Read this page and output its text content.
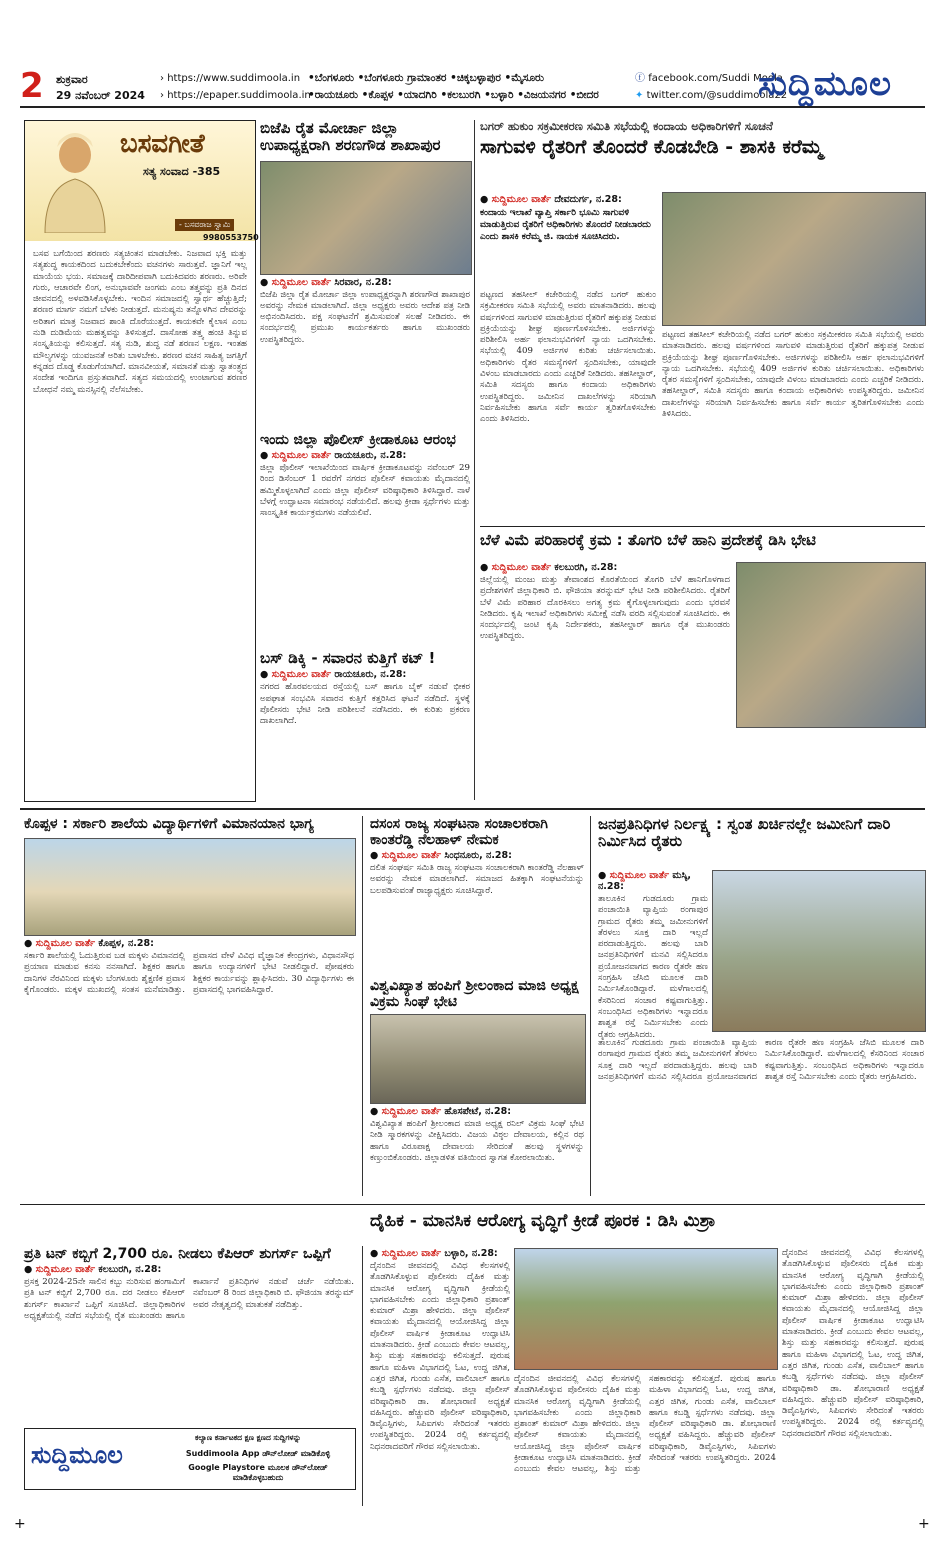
2 ಶುಕ್ರವಾರ
29 ನವೆಂಬರ್ 2024
› https://www.suddimoola.in
› https://epaper.suddimoola.in
•ಬೆಂಗಳೂರು •ಬೆಂಗಳೂರು ಗ್ರಾಮಾಂತರ •ಚಿಕ್ಕಬಳ್ಳಾಪುರ •ಮೈಸೂರು
•ರಾಯಚೂರು •ಕೊಪ್ಪಳ •ಯಾದಗಿರಿ •ಕಲಬುರಗಿ •ಬಳ್ಳಾರಿ •ವಿಜಯನಗರ •ಬೀದರ
ⓕ facebook.com/Suddi Moola
✦ twitter.com/@suddimoola22
ಸುದ್ದಿಮೂಲ
ಬಸವಗೀತೆ
ಸತ್ಯ ಸಂವಾದ -385
- ಬಸವರಾಜ ಸ್ವಾಮಿ
9980553750
ಬಸವ ಬಗೆಯಿಂದ ಶರಣರು ಸತ್ಯಚಿಂತನ ಮಾಡಬೇಕು. ನಿಜವಾದ ಭಕ್ತಿ ಮತ್ತು ಸತ್ಯಶುದ್ಧ ಕಾಯಕದಿಂದ ಬದುಕಬೇಕೆಂದು ವಚನಗಳು ಸಾರುತ್ತವೆ. ಜ್ಞಾನಿಗೆ ಇಲ್ಲ ಮಾಯೆಯ ಭಯ. ಸಮಾಜಕ್ಕೆ ದಾರಿದೀಪವಾಗಿ ಬದುಕಿದವರು ಶರಣರು. ಅರಿವೇ ಗುರು, ಆಚಾರವೇ ಲಿಂಗ, ಅನುಭಾವವೇ ಜಂಗಮ ಎಂಬ ತತ್ತ್ವವನ್ನು ಪ್ರತಿ ದಿನದ ಜೀವನದಲ್ಲಿ ಅಳವಡಿಸಿಕೊಳ್ಳಬೇಕು. ಇಂದಿನ ಸಮಾಜದಲ್ಲಿ ಸ್ವಾರ್ಥ ಹೆಚ್ಚುತ್ತಿದೆ; ಶರಣರ ಮಾರ್ಗ ನಮಗೆ ಬೆಳಕು ನೀಡುತ್ತದೆ. ಮನುಷ್ಯನು ತನ್ನೊಳಗಿನ ದೇವರನ್ನು ಅರಿತಾಗ ಮಾತ್ರ ನಿಜವಾದ ಶಾಂತಿ ದೊರೆಯುತ್ತದೆ. ಕಾಯಕವೇ ಕೈಲಾಸ ಎಂಬ ನುಡಿ ದುಡಿಮೆಯ ಮಹತ್ವವನ್ನು ತಿಳಿಸುತ್ತದೆ. ದಾಸೋಹ ತತ್ತ್ವ ಹಂಚಿ ತಿನ್ನುವ ಸಂಸ್ಕೃತಿಯನ್ನು ಕಲಿಸುತ್ತದೆ. ಸತ್ಯ ನುಡಿ, ಶುದ್ಧ ನಡೆ ಶರಣನ ಲಕ್ಷಣ. ಇಂತಹ ಮೌಲ್ಯಗಳನ್ನು ಯುವಜನತೆ ಅರಿತು ಬಾಳಬೇಕು. ಶರಣರ ವಚನ ಸಾಹಿತ್ಯ ಜಗತ್ತಿಗೆ ಕನ್ನಡದ ದೊಡ್ಡ ಕೊಡುಗೆಯಾಗಿದೆ. ಮಾನವೀಯತೆ, ಸಮಾನತೆ ಮತ್ತು ಸ್ವಾತಂತ್ರ್ಯದ ಸಂದೇಶ ಇಂದಿಗೂ ಪ್ರಸ್ತುತವಾಗಿದೆ. ಸತ್ಯದ ಸಮಯದಲ್ಲಿ ಉಂಟಾಗುವ ಶರಣರ ಬೋಧನೆ ನಮ್ಮ ಮನಸ್ಸಿನಲ್ಲಿ ನೆಲೆಸಬೇಕು.
ಬಿಜೆಪಿ ರೈತ ಮೋರ್ಚಾ ಜಿಲ್ಲಾ ಉಪಾಧ್ಯಕ್ಷರಾಗಿ ಶರಣಗೌಡ ಶಾಖಾಪುರ
● ಸುದ್ದಿಮೂಲ ವಾರ್ತೆ ಸಿರವಾರ, ನ.28:
ಬಿಜೆಪಿ ಜಿಲ್ಲಾ ರೈತ ಮೋರ್ಚಾ ಜಿಲ್ಲಾ ಉಪಾಧ್ಯಕ್ಷರನ್ನಾಗಿ ಶರಣಗೌಡ ಶಾಖಾಪುರ ಅವರನ್ನು ನೇಮಕ ಮಾಡಲಾಗಿದೆ. ಜಿಲ್ಲಾ ಅಧ್ಯಕ್ಷರು ಅವರು ಆದೇಶ ಪತ್ರ ನೀಡಿ ಅಭಿನಂದಿಸಿದರು. ಪಕ್ಷ ಸಂಘಟನೆಗೆ ಶ್ರಮಿಸುವಂತೆ ಸಲಹೆ ನೀಡಿದರು. ಈ ಸಂದರ್ಭದಲ್ಲಿ ಪ್ರಮುಖ ಕಾರ್ಯಕರ್ತರು ಹಾಗೂ ಮುಖಂಡರು ಉಪಸ್ಥಿತರಿದ್ದರು.
ಇಂದು ಜಿಲ್ಲಾ ಪೊಲೀಸ್ ಕ್ರೀಡಾಕೂಟ ಆರಂಭ
● ಸುದ್ದಿಮೂಲ ವಾರ್ತೆ ರಾಯಚೂರು, ನ.28:
ಜಿಲ್ಲಾ ಪೊಲೀಸ್ ಇಲಾಖೆಯಿಂದ ವಾರ್ಷಿಕ ಕ್ರೀಡಾಕೂಟವನ್ನು ನವೆಂಬರ್ 29 ರಿಂದ ಡಿಸೆಂಬರ್ 1 ರವರೆಗೆ ನಗರದ ಪೊಲೀಸ್ ಕವಾಯತು ಮೈದಾನದಲ್ಲಿ ಹಮ್ಮಿಕೊಳ್ಳಲಾಗಿದೆ ಎಂದು ಜಿಲ್ಲಾ ಪೊಲೀಸ್ ವರಿಷ್ಠಾಧಿಕಾರಿ ತಿಳಿಸಿದ್ದಾರೆ. ನಾಳೆ ಬೆಳಗ್ಗೆ ಉದ್ಘಾಟನಾ ಸಮಾರಂಭ ನಡೆಯಲಿದೆ. ಹಲವು ಕ್ರೀಡಾ ಸ್ಪರ್ಧೆಗಳು ಮತ್ತು ಸಾಂಸ್ಕೃತಿಕ ಕಾರ್ಯಕ್ರಮಗಳು ನಡೆಯಲಿವೆ.
ಬಸ್ ಡಿಕ್ಕಿ - ಸವಾರನ ಕುತ್ತಿಗೆ ಕಟ್ !
● ಸುದ್ದಿಮೂಲ ವಾರ್ತೆ ರಾಯಚೂರು, ನ.28:
ನಗರದ ಹೊರವಲಯದ ರಸ್ತೆಯಲ್ಲಿ ಬಸ್ ಹಾಗೂ ಬೈಕ್ ನಡುವೆ ಭೀಕರ ಅಪಘಾತ ಸಂಭವಿಸಿ ಸವಾರನ ಕುತ್ತಿಗೆ ಕತ್ತರಿಸಿದ ಘಟನೆ ನಡೆದಿದೆ. ಸ್ಥಳಕ್ಕೆ ಪೊಲೀಸರು ಭೇಟಿ ನೀಡಿ ಪರಿಶೀಲನೆ ನಡೆಸಿದರು. ಈ ಕುರಿತು ಪ್ರಕರಣ ದಾಖಲಾಗಿದೆ.
ಬಗರ್ ಹುಕುಂ ಸಕ್ರಮೀಕರಣ ಸಮಿತಿ ಸಭೆಯಲ್ಲಿ ಕಂದಾಯ ಅಧಿಕಾರಿಗಳಿಗೆ ಸೂಚನೆ
ಸಾಗುವಳಿ ರೈತರಿಗೆ ತೊಂದರೆ ಕೊಡಬೇಡಿ - ಶಾಸಕಿ ಕರೆಮ್ಮ
● ಸುದ್ದಿಮೂಲ ವಾರ್ತೆ ದೇವದುರ್ಗ, ನ.28:
ಕಂದಾಯ ಇಲಾಖೆ ವ್ಯಾಪ್ತಿ ಸರ್ಕಾರಿ ಭೂಮಿ ಸಾಗುವಳಿ ಮಾಡುತ್ತಿರುವ ರೈತರಿಗೆ ಅಧಿಕಾರಿಗಳು ತೊಂದರೆ ನೀಡಬಾರದು ಎಂದು ಶಾಸಕಿ ಕರೆಮ್ಮ ಜಿ. ನಾಯಕ ಸೂಚಿಸಿದರು.
ಪಟ್ಟಣದ ತಹಸೀಲ್ ಕಚೇರಿಯಲ್ಲಿ ನಡೆದ ಬಗರ್ ಹುಕುಂ ಸಕ್ರಮೀಕರಣ ಸಮಿತಿ ಸಭೆಯಲ್ಲಿ ಅವರು ಮಾತನಾಡಿದರು. ಹಲವು ವರ್ಷಗಳಿಂದ ಸಾಗುವಳಿ ಮಾಡುತ್ತಿರುವ ರೈತರಿಗೆ ಹಕ್ಕುಪತ್ರ ನೀಡುವ ಪ್ರಕ್ರಿಯೆಯನ್ನು ಶೀಘ್ರ ಪೂರ್ಣಗೊಳಿಸಬೇಕು. ಅರ್ಜಿಗಳನ್ನು ಪರಿಶೀಲಿಸಿ ಅರ್ಹ ಫಲಾನುಭವಿಗಳಿಗೆ ನ್ಯಾಯ ಒದಗಿಸಬೇಕು. ಸಭೆಯಲ್ಲಿ 409 ಅರ್ಜಿಗಳ ಕುರಿತು ಚರ್ಚಿಸಲಾಯಿತು. ಅಧಿಕಾರಿಗಳು ರೈತರ ಸಮಸ್ಯೆಗಳಿಗೆ ಸ್ಪಂದಿಸಬೇಕು, ಯಾವುದೇ ವಿಳಂಬ ಮಾಡಬಾರದು ಎಂದು ಎಚ್ಚರಿಕೆ ನೀಡಿದರು. ತಹಸೀಲ್ದಾರ್, ಸಮಿತಿ ಸದಸ್ಯರು ಹಾಗೂ ಕಂದಾಯ ಅಧಿಕಾರಿಗಳು ಉಪಸ್ಥಿತರಿದ್ದರು. ಜಮೀನಿನ ದಾಖಲೆಗಳನ್ನು ಸರಿಯಾಗಿ ನಿರ್ವಹಿಸಬೇಕು ಹಾಗೂ ಸರ್ವೆ ಕಾರ್ಯ ತ್ವರಿತಗೊಳಿಸಬೇಕು ಎಂದು ತಿಳಿಸಿದರು.
ಪಟ್ಟಣದ ತಹಸೀಲ್ ಕಚೇರಿಯಲ್ಲಿ ನಡೆದ ಬಗರ್ ಹುಕುಂ ಸಕ್ರಮೀಕರಣ ಸಮಿತಿ ಸಭೆಯಲ್ಲಿ ಅವರು ಮಾತನಾಡಿದರು. ಹಲವು ವರ್ಷಗಳಿಂದ ಸಾಗುವಳಿ ಮಾಡುತ್ತಿರುವ ರೈತರಿಗೆ ಹಕ್ಕುಪತ್ರ ನೀಡುವ ಪ್ರಕ್ರಿಯೆಯನ್ನು ಶೀಘ್ರ ಪೂರ್ಣಗೊಳಿಸಬೇಕು. ಅರ್ಜಿಗಳನ್ನು ಪರಿಶೀಲಿಸಿ ಅರ್ಹ ಫಲಾನುಭವಿಗಳಿಗೆ ನ್ಯಾಯ ಒದಗಿಸಬೇಕು. ಸಭೆಯಲ್ಲಿ 409 ಅರ್ಜಿಗಳ ಕುರಿತು ಚರ್ಚಿಸಲಾಯಿತು. ಅಧಿಕಾರಿಗಳು ರೈತರ ಸಮಸ್ಯೆಗಳಿಗೆ ಸ್ಪಂದಿಸಬೇಕು, ಯಾವುದೇ ವಿಳಂಬ ಮಾಡಬಾರದು ಎಂದು ಎಚ್ಚರಿಕೆ ನೀಡಿದರು. ತಹಸೀಲ್ದಾರ್, ಸಮಿತಿ ಸದಸ್ಯರು ಹಾಗೂ ಕಂದಾಯ ಅಧಿಕಾರಿಗಳು ಉಪಸ್ಥಿತರಿದ್ದರು. ಜಮೀನಿನ ದಾಖಲೆಗಳನ್ನು ಸರಿಯಾಗಿ ನಿರ್ವಹಿಸಬೇಕು ಹಾಗೂ ಸರ್ವೆ ಕಾರ್ಯ ತ್ವರಿತಗೊಳಿಸಬೇಕು ಎಂದು ತಿಳಿಸಿದರು.
ಬೆಳೆ ವಿಮೆ ಪರಿಹಾರಕ್ಕೆ ಕ್ರಮ : ತೊಗರಿ ಬೆಳೆ ಹಾನಿ ಪ್ರದೇಶಕ್ಕೆ ಡಿಸಿ ಭೇಟಿ
● ಸುದ್ದಿಮೂಲ ವಾರ್ತೆ ಕಲಬುರಗಿ, ನ.28:
ಜಿಲ್ಲೆಯಲ್ಲಿ ಮಂಜು ಮತ್ತು ತೇವಾಂಶದ ಕೊರತೆಯಿಂದ ತೊಗರಿ ಬೆಳೆ ಹಾನಿಗೊಳಗಾದ ಪ್ರದೇಶಗಳಿಗೆ ಜಿಲ್ಲಾಧಿಕಾರಿ ಬಿ. ಫೌಜಿಯಾ ತರನ್ನುಮ್ ಭೇಟಿ ನೀಡಿ ಪರಿಶೀಲಿಸಿದರು. ರೈತರಿಗೆ ಬೆಳೆ ವಿಮೆ ಪರಿಹಾರ ದೊರಕಿಸಲು ಅಗತ್ಯ ಕ್ರಮ ಕೈಗೊಳ್ಳಲಾಗುವುದು ಎಂದು ಭರವಸೆ ನೀಡಿದರು. ಕೃಷಿ ಇಲಾಖೆ ಅಧಿಕಾರಿಗಳು ಸಮೀಕ್ಷೆ ನಡೆಸಿ ವರದಿ ಸಲ್ಲಿಸುವಂತೆ ಸೂಚಿಸಿದರು. ಈ ಸಂದರ್ಭದಲ್ಲಿ ಜಂಟಿ ಕೃಷಿ ನಿರ್ದೇಶಕರು, ತಹಸೀಲ್ದಾರ್ ಹಾಗೂ ರೈತ ಮುಖಂಡರು ಉಪಸ್ಥಿತರಿದ್ದರು.
ಕೊಪ್ಪಳ : ಸರ್ಕಾರಿ ಶಾಲೆಯ ವಿದ್ಯಾರ್ಥಿಗಳಿಗೆ ವಿಮಾನಯಾನ ಭಾಗ್ಯ
● ಸುದ್ದಿಮೂಲ ವಾರ್ತೆ ಕೊಪ್ಪಳ, ನ.28:
ಸರ್ಕಾರಿ ಶಾಲೆಯಲ್ಲಿ ಓದುತ್ತಿರುವ ಬಡ ಮಕ್ಕಳು ವಿಮಾನದಲ್ಲಿ ಪ್ರಯಾಣ ಮಾಡುವ ಕನಸು ನನಸಾಗಿದೆ. ಶಿಕ್ಷಕರ ಹಾಗೂ ದಾನಿಗಳ ನೆರವಿನಿಂದ ಮಕ್ಕಳು ಬೆಂಗಳೂರು ಶೈಕ್ಷಣಿಕ ಪ್ರವಾಸ ಕೈಗೊಂಡರು. ಮಕ್ಕಳ ಮುಖದಲ್ಲಿ ಸಂತಸ ಮನೆಮಾಡಿತ್ತು. ಪ್ರವಾಸದ ವೇಳೆ ವಿವಿಧ ವೈಜ್ಞಾನಿಕ ಕೇಂದ್ರಗಳು, ವಿಧಾನಸೌಧ ಹಾಗೂ ಉದ್ಯಾನಗಳಿಗೆ ಭೇಟಿ ನೀಡಲಿದ್ದಾರೆ. ಪೋಷಕರು ಶಿಕ್ಷಕರ ಕಾರ್ಯವನ್ನು ಶ್ಲಾಘಿಸಿದರು. 30 ವಿದ್ಯಾರ್ಥಿಗಳು ಈ ಪ್ರವಾಸದಲ್ಲಿ ಭಾಗವಹಿಸಿದ್ದಾರೆ.
ದಸಂಸ ರಾಜ್ಯ ಸಂಘಟನಾ ಸಂಚಾಲಕರಾಗಿ ಕಾಂತರೆಡ್ಡಿ ನೆಲಹಾಳ್ ನೇಮಕ
● ಸುದ್ದಿಮೂಲ ವಾರ್ತೆ ಸಿಂಧನೂರು, ನ.28:
ದಲಿತ ಸಂಘರ್ಷ ಸಮಿತಿ ರಾಜ್ಯ ಸಂಘಟನಾ ಸಂಚಾಲಕರಾಗಿ ಕಾಂತರೆಡ್ಡಿ ನೆಲಹಾಳ್ ಅವರನ್ನು ನೇಮಕ ಮಾಡಲಾಗಿದೆ. ಸಮಾಜದ ಹಿತಕ್ಕಾಗಿ ಸಂಘಟನೆಯನ್ನು ಬಲಪಡಿಸುವಂತೆ ರಾಜ್ಯಾಧ್ಯಕ್ಷರು ಸೂಚಿಸಿದ್ದಾರೆ.
ವಿಶ್ವವಿಖ್ಯಾತ ಹಂಪಿಗೆ ಶ್ರೀಲಂಕಾದ ಮಾಜಿ ಅಧ್ಯಕ್ಷ ವಿಕ್ರಮ ಸಿಂಘೆ ಭೇಟಿ
● ಸುದ್ದಿಮೂಲ ವಾರ್ತೆ ಹೊಸಪೇಟೆ, ನ.28:
ವಿಶ್ವವಿಖ್ಯಾತ ಹಂಪಿಗೆ ಶ್ರೀಲಂಕಾದ ಮಾಜಿ ಅಧ್ಯಕ್ಷ ರನಿಲ್ ವಿಕ್ರಮ ಸಿಂಘೆ ಭೇಟಿ ನೀಡಿ ಸ್ಮಾರಕಗಳನ್ನು ವೀಕ್ಷಿಸಿದರು. ವಿಜಯ ವಿಠ್ಠಲ ದೇವಾಲಯ, ಕಲ್ಲಿನ ರಥ ಹಾಗೂ ವಿರೂಪಾಕ್ಷ ದೇವಾಲಯ ಸೇರಿದಂತೆ ಹಲವು ಸ್ಥಳಗಳನ್ನು ಕಣ್ತುಂಬಿಕೊಂಡರು. ಜಿಲ್ಲಾಡಳಿತ ವತಿಯಿಂದ ಸ್ವಾಗತ ಕೋರಲಾಯಿತು.
ಜನಪ್ರತಿನಿಧಿಗಳ ನಿರ್ಲಕ್ಷ್ಯ : ಸ್ವಂತ ಖರ್ಚಿನಲ್ಲೇ ಜಮೀನಿಗೆ ದಾರಿ ನಿರ್ಮಿಸಿದ ರೈತರು
● ಸುದ್ದಿಮೂಲ ವಾರ್ತೆ ಮಸ್ಕಿ, ನ.28:
ತಾಲೂಕಿನ ಗುಡದೂರು ಗ್ರಾಮ ಪಂಚಾಯಿತಿ ವ್ಯಾಪ್ತಿಯ ರಂಗಾಪುರ ಗ್ರಾಮದ ರೈತರು ತಮ್ಮ ಜಮೀನುಗಳಿಗೆ ತೆರಳಲು ಸೂಕ್ತ ದಾರಿ ಇಲ್ಲದೆ ಪರದಾಡುತ್ತಿದ್ದರು. ಹಲವು ಬಾರಿ ಜನಪ್ರತಿನಿಧಿಗಳಿಗೆ ಮನವಿ ಸಲ್ಲಿಸಿದರೂ ಪ್ರಯೋಜನವಾಗದ ಕಾರಣ ರೈತರೇ ಹಣ ಸಂಗ್ರಹಿಸಿ ಜೆಸಿಬಿ ಮೂಲಕ ದಾರಿ ನಿರ್ಮಿಸಿಕೊಂಡಿದ್ದಾರೆ. ಮಳೆಗಾಲದಲ್ಲಿ ಕೆಸರಿನಿಂದ ಸಂಚಾರ ಕಷ್ಟವಾಗುತ್ತಿತ್ತು. ಸಂಬಂಧಿಸಿದ ಅಧಿಕಾರಿಗಳು ಇನ್ನಾದರೂ ಶಾಶ್ವತ ರಸ್ತೆ ನಿರ್ಮಿಸಬೇಕು ಎಂದು ರೈತರು ಆಗ್ರಹಿಸಿದರು.
ತಾಲೂಕಿನ ಗುಡದೂರು ಗ್ರಾಮ ಪಂಚಾಯಿತಿ ವ್ಯಾಪ್ತಿಯ ರಂಗಾಪುರ ಗ್ರಾಮದ ರೈತರು ತಮ್ಮ ಜಮೀನುಗಳಿಗೆ ತೆರಳಲು ಸೂಕ್ತ ದಾರಿ ಇಲ್ಲದೆ ಪರದಾಡುತ್ತಿದ್ದರು. ಹಲವು ಬಾರಿ ಜನಪ್ರತಿನಿಧಿಗಳಿಗೆ ಮನವಿ ಸಲ್ಲಿಸಿದರೂ ಪ್ರಯೋಜನವಾಗದ ಕಾರಣ ರೈತರೇ ಹಣ ಸಂಗ್ರಹಿಸಿ ಜೆಸಿಬಿ ಮೂಲಕ ದಾರಿ ನಿರ್ಮಿಸಿಕೊಂಡಿದ್ದಾರೆ. ಮಳೆಗಾಲದಲ್ಲಿ ಕೆಸರಿನಿಂದ ಸಂಚಾರ ಕಷ್ಟವಾಗುತ್ತಿತ್ತು. ಸಂಬಂಧಿಸಿದ ಅಧಿಕಾರಿಗಳು ಇನ್ನಾದರೂ ಶಾಶ್ವತ ರಸ್ತೆ ನಿರ್ಮಿಸಬೇಕು ಎಂದು ರೈತರು ಆಗ್ರಹಿಸಿದರು.
ಪ್ರತಿ ಟನ್ ಕಬ್ಬಿಗೆ 2,700 ರೂ. ನೀಡಲು ಕೆಪಿಆರ್ ಶುಗರ್ಸ್ ಒಪ್ಪಿಗೆ
● ಸುದ್ದಿಮೂಲ ವಾರ್ತೆ ಕಲಬುರಗಿ, ನ.28:
ಪ್ರಸಕ್ತ 2024-25ನೇ ಸಾಲಿನ ಕಬ್ಬು ನುರಿಸುವ ಹಂಗಾಮಿಗೆ ಪ್ರತಿ ಟನ್ ಕಬ್ಬಿಗೆ 2,700 ರೂ. ದರ ನೀಡಲು ಕೆಪಿಆರ್ ಶುಗರ್ಸ್ ಕಾರ್ಖಾನೆ ಒಪ್ಪಿಗೆ ಸೂಚಿಸಿದೆ. ಜಿಲ್ಲಾಧಿಕಾರಿಗಳ ಅಧ್ಯಕ್ಷತೆಯಲ್ಲಿ ನಡೆದ ಸಭೆಯಲ್ಲಿ ರೈತ ಮುಖಂಡರು ಹಾಗೂ ಕಾರ್ಖಾನೆ ಪ್ರತಿನಿಧಿಗಳ ನಡುವೆ ಚರ್ಚೆ ನಡೆಯಿತು. ನವೆಂಬರ್ 8 ರಿಂದ ಜಿಲ್ಲಾಧಿಕಾರಿ ಬಿ. ಫೌಜಿಯಾ ತರನ್ನುಮ್ ಅವರ ನೇತೃತ್ವದಲ್ಲಿ ಮಾತುಕತೆ ನಡೆದಿತ್ತು.
ಕಲ್ಯಾಣ ಕರ್ನಾಟಕದ ಕ್ಷಣ ಕ್ಷಣದ ಸುದ್ದಿಗಳನ್ನು
ಸುದ್ದಿಮೂಲ	Suddimoola App ಡೌನ್‌ಲೋಡ್ ಮಾಡಿಕೊಳ್ಳಿ
Google Playstore ಮೂಲಕ ಡೌನ್‌ಲೋಡ್ ಮಾಡಿಕೊಳ್ಳಬಹುದು
ದೈಹಿಕ - ಮಾನಸಿಕ ಆರೋಗ್ಯ ವೃದ್ಧಿಗೆ ಕ್ರೀಡೆ ಪೂರಕ : ಡಿಸಿ ಮಿಶ್ರಾ
● ಸುದ್ದಿಮೂಲ ವಾರ್ತೆ ಬಳ್ಳಾರಿ, ನ.28:
ದೈನಂದಿನ ಜೀವನದಲ್ಲಿ ವಿವಿಧ ಕೆಲಸಗಳಲ್ಲಿ ತೊಡಗಿಸಿಕೊಳ್ಳುವ ಪೊಲೀಸರು ದೈಹಿಕ ಮತ್ತು ಮಾನಸಿಕ ಆರೋಗ್ಯ ವೃದ್ಧಿಗಾಗಿ ಕ್ರೀಡೆಯಲ್ಲಿ ಭಾಗವಹಿಸಬೇಕು ಎಂದು ಜಿಲ್ಲಾಧಿಕಾರಿ ಪ್ರಶಾಂತ್ ಕುಮಾರ್ ಮಿಶ್ರಾ ಹೇಳಿದರು. ಜಿಲ್ಲಾ ಪೊಲೀಸ್ ಕವಾಯತು ಮೈದಾನದಲ್ಲಿ ಆಯೋಜಿಸಿದ್ದ ಜಿಲ್ಲಾ ಪೊಲೀಸ್ ವಾರ್ಷಿಕ ಕ್ರೀಡಾಕೂಟ ಉದ್ಘಾಟಿಸಿ ಮಾತನಾಡಿದರು. ಕ್ರೀಡೆ ಎಂಬುದು ಕೇವಲ ಆಟವಲ್ಲ, ಶಿಸ್ತು ಮತ್ತು ಸಹಕಾರವನ್ನು ಕಲಿಸುತ್ತದೆ. ಪುರುಷ ಹಾಗೂ ಮಹಿಳಾ ವಿಭಾಗದಲ್ಲಿ ಓಟ, ಉದ್ದ ಜಿಗಿತ, ಎತ್ತರ ಜಿಗಿತ, ಗುಂಡು ಎಸೆತ, ವಾಲಿಬಾಲ್ ಹಾಗೂ ಕಬಡ್ಡಿ ಸ್ಪರ್ಧೆಗಳು ನಡೆದವು. ಜಿಲ್ಲಾ ಪೊಲೀಸ್ ವರಿಷ್ಠಾಧಿಕಾರಿ ಡಾ. ಶೋಭಾರಾಣಿ ಅಧ್ಯಕ್ಷತೆ ವಹಿಸಿದ್ದರು. ಹೆಚ್ಚುವರಿ ಪೊಲೀಸ್ ವರಿಷ್ಠಾಧಿಕಾರಿ, ಡಿವೈಎಸ್ಪಿಗಳು, ಸಿಪಿಐಗಳು ಸೇರಿದಂತೆ ಇತರರು ಉಪಸ್ಥಿತರಿದ್ದರು. 2024 ರಲ್ಲಿ ಕರ್ತವ್ಯದಲ್ಲಿ ನಿಧನರಾದವರಿಗೆ ಗೌರವ ಸಲ್ಲಿಸಲಾಯಿತು.
ದೈನಂದಿನ ಜೀವನದಲ್ಲಿ ವಿವಿಧ ಕೆಲಸಗಳಲ್ಲಿ ತೊಡಗಿಸಿಕೊಳ್ಳುವ ಪೊಲೀಸರು ದೈಹಿಕ ಮತ್ತು ಮಾನಸಿಕ ಆರೋಗ್ಯ ವೃದ್ಧಿಗಾಗಿ ಕ್ರೀಡೆಯಲ್ಲಿ ಭಾಗವಹಿಸಬೇಕು ಎಂದು ಜಿಲ್ಲಾಧಿಕಾರಿ ಪ್ರಶಾಂತ್ ಕುಮಾರ್ ಮಿಶ್ರಾ ಹೇಳಿದರು. ಜಿಲ್ಲಾ ಪೊಲೀಸ್ ಕವಾಯತು ಮೈದಾನದಲ್ಲಿ ಆಯೋಜಿಸಿದ್ದ ಜಿಲ್ಲಾ ಪೊಲೀಸ್ ವಾರ್ಷಿಕ ಕ್ರೀಡಾಕೂಟ ಉದ್ಘಾಟಿಸಿ ಮಾತನಾಡಿದರು. ಕ್ರೀಡೆ ಎಂಬುದು ಕೇವಲ ಆಟವಲ್ಲ, ಶಿಸ್ತು ಮತ್ತು ಸಹಕಾರವನ್ನು ಕಲಿಸುತ್ತದೆ. ಪುರುಷ ಹಾಗೂ ಮಹಿಳಾ ವಿಭಾಗದಲ್ಲಿ ಓಟ, ಉದ್ದ ಜಿಗಿತ, ಎತ್ತರ ಜಿಗಿತ, ಗುಂಡು ಎಸೆತ, ವಾಲಿಬಾಲ್ ಹಾಗೂ ಕಬಡ್ಡಿ ಸ್ಪರ್ಧೆಗಳು ನಡೆದವು. ಜಿಲ್ಲಾ ಪೊಲೀಸ್ ವರಿಷ್ಠಾಧಿಕಾರಿ ಡಾ. ಶೋಭಾರಾಣಿ ಅಧ್ಯಕ್ಷತೆ ವಹಿಸಿದ್ದರು. ಹೆಚ್ಚುವರಿ ಪೊಲೀಸ್ ವರಿಷ್ಠಾಧಿಕಾರಿ, ಡಿವೈಎಸ್ಪಿಗಳು, ಸಿಪಿಐಗಳು ಸೇರಿದಂತೆ ಇತರರು ಉಪಸ್ಥಿತರಿದ್ದರು. 2024
ದೈನಂದಿನ ಜೀವನದಲ್ಲಿ ವಿವಿಧ ಕೆಲಸಗಳಲ್ಲಿ ತೊಡಗಿಸಿಕೊಳ್ಳುವ ಪೊಲೀಸರು ದೈಹಿಕ ಮತ್ತು ಮಾನಸಿಕ ಆರೋಗ್ಯ ವೃದ್ಧಿಗಾಗಿ ಕ್ರೀಡೆಯಲ್ಲಿ ಭಾಗವಹಿಸಬೇಕು ಎಂದು ಜಿಲ್ಲಾಧಿಕಾರಿ ಪ್ರಶಾಂತ್ ಕುಮಾರ್ ಮಿಶ್ರಾ ಹೇಳಿದರು. ಜಿಲ್ಲಾ ಪೊಲೀಸ್ ಕವಾಯತು ಮೈದಾನದಲ್ಲಿ ಆಯೋಜಿಸಿದ್ದ ಜಿಲ್ಲಾ ಪೊಲೀಸ್ ವಾರ್ಷಿಕ ಕ್ರೀಡಾಕೂಟ ಉದ್ಘಾಟಿಸಿ ಮಾತನಾಡಿದರು. ಕ್ರೀಡೆ ಎಂಬುದು ಕೇವಲ ಆಟವಲ್ಲ, ಶಿಸ್ತು ಮತ್ತು ಸಹಕಾರವನ್ನು ಕಲಿಸುತ್ತದೆ. ಪುರುಷ ಹಾಗೂ ಮಹಿಳಾ ವಿಭಾಗದಲ್ಲಿ ಓಟ, ಉದ್ದ ಜಿಗಿತ, ಎತ್ತರ ಜಿಗಿತ, ಗುಂಡು ಎಸೆತ, ವಾಲಿಬಾಲ್ ಹಾಗೂ ಕಬಡ್ಡಿ ಸ್ಪರ್ಧೆಗಳು ನಡೆದವು. ಜಿಲ್ಲಾ ಪೊಲೀಸ್ ವರಿಷ್ಠಾಧಿಕಾರಿ ಡಾ. ಶೋಭಾರಾಣಿ ಅಧ್ಯಕ್ಷತೆ ವಹಿಸಿದ್ದರು. ಹೆಚ್ಚುವರಿ ಪೊಲೀಸ್ ವರಿಷ್ಠಾಧಿಕಾರಿ, ಡಿವೈಎಸ್ಪಿಗಳು, ಸಿಪಿಐಗಳು ಸೇರಿದಂತೆ ಇತರರು ಉಪಸ್ಥಿತರಿದ್ದರು. 2024 ರಲ್ಲಿ ಕರ್ತವ್ಯದಲ್ಲಿ ನಿಧನರಾದವರಿಗೆ ಗೌರವ ಸಲ್ಲಿಸಲಾಯಿತು.
+	+
